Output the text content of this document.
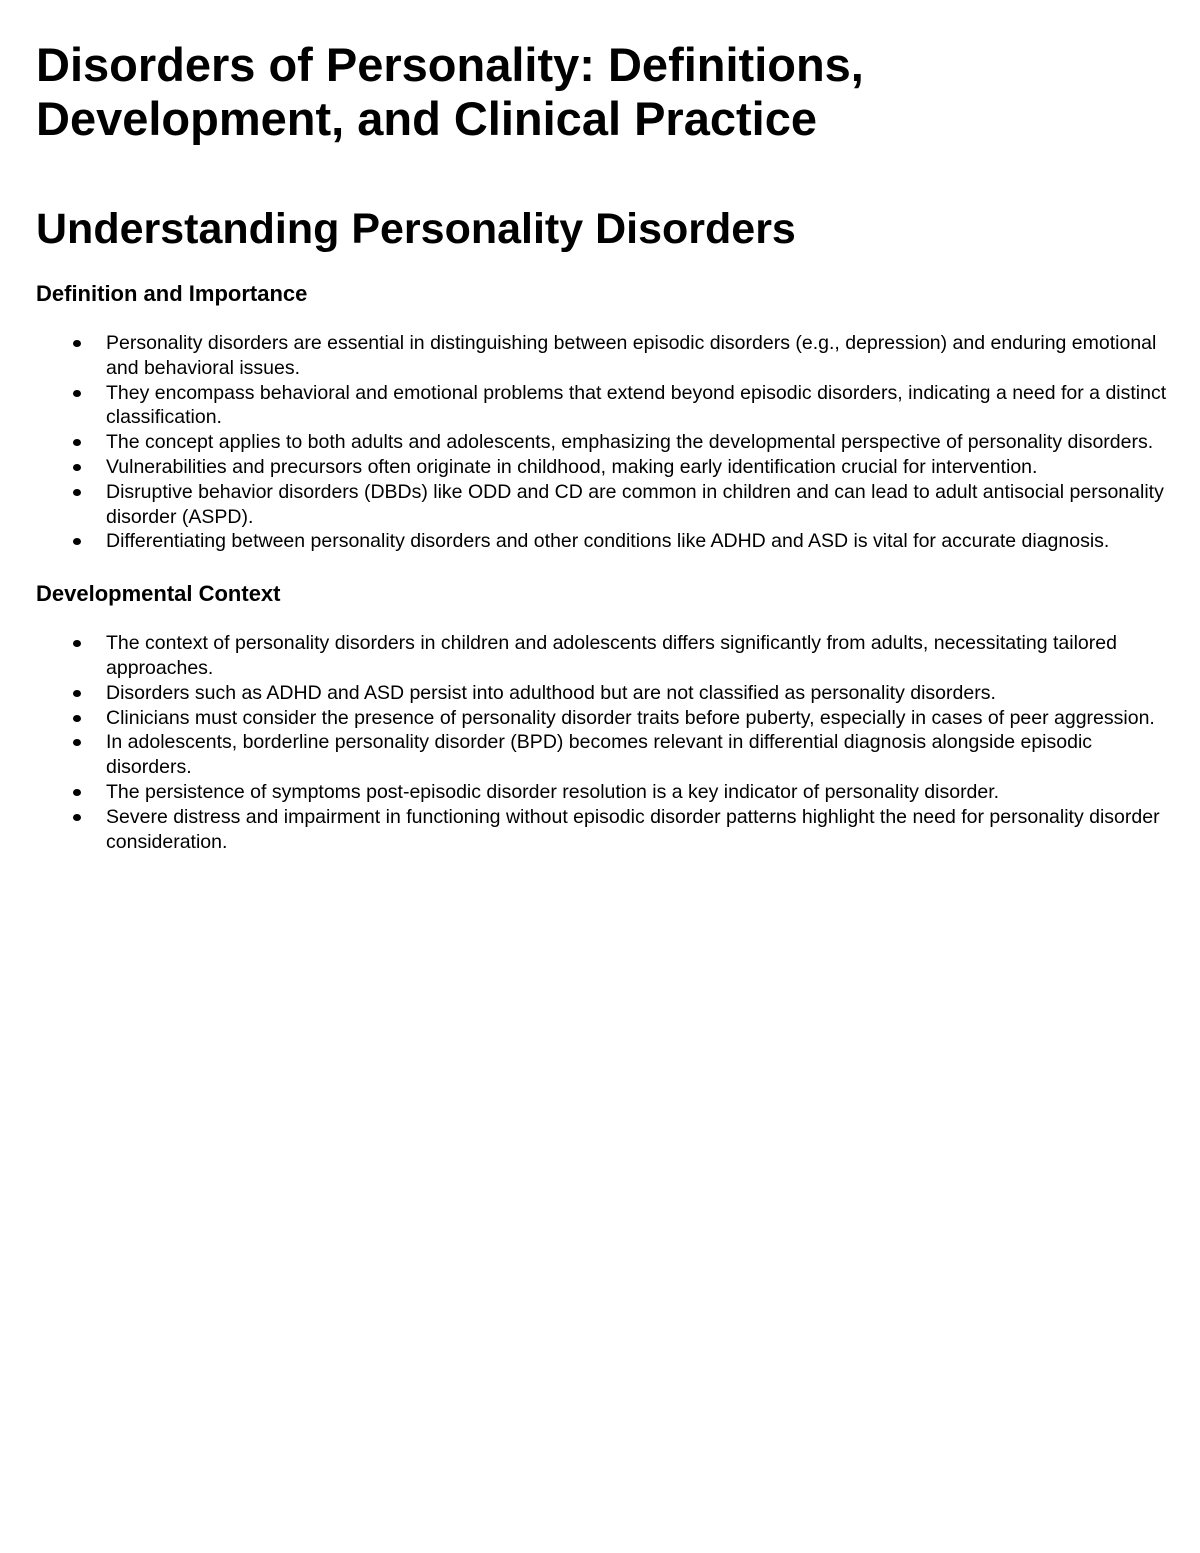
Disorders of Personality: Definitions, Development, and Clinical Practice
Understanding Personality Disorders
Definition and Importance
Personality disorders are essential in distinguishing between episodic disorders (e.g., depression) and enduring emotional and behavioral issues.
They encompass behavioral and emotional problems that extend beyond episodic disorders, indicating a need for a distinct classification.
The concept applies to both adults and adolescents, emphasizing the developmental perspective of personality disorders.
Vulnerabilities and precursors often originate in childhood, making early identification crucial for intervention.
Disruptive behavior disorders (DBDs) like ODD and CD are common in children and can lead to adult antisocial personality disorder (ASPD).
Differentiating between personality disorders and other conditions like ADHD and ASD is vital for accurate diagnosis.
Developmental Context
The context of personality disorders in children and adolescents differs significantly from adults, necessitating tailored approaches.
Disorders such as ADHD and ASD persist into adulthood but are not classified as personality disorders.
Clinicians must consider the presence of personality disorder traits before puberty, especially in cases of peer aggression.
In adolescents, borderline personality disorder (BPD) becomes relevant in differential diagnosis alongside episodic disorders.
The persistence of symptoms post-episodic disorder resolution is a key indicator of personality disorder.
Severe distress and impairment in functioning without episodic disorder patterns highlight the need for personality disorder consideration.
